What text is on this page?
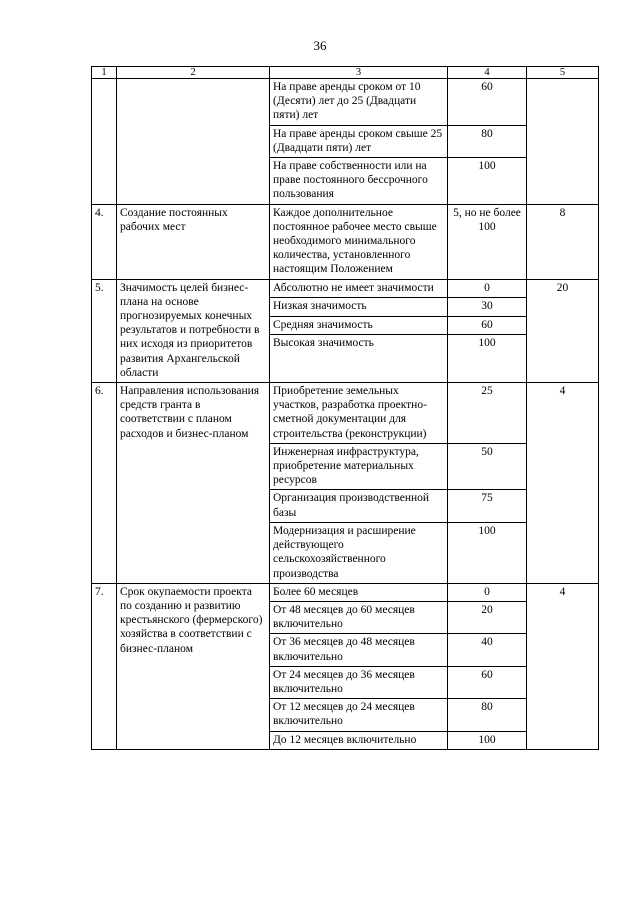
36
1	2	3	4	5
		На праве аренды сроком от 10 (Десяти) лет до 25 (Двадцати пяти) лет	60	
		На праве аренды сроком свыше 25 (Двадцати пяти) лет	80	
		На праве собственности или на праве постоянного бессрочного пользования	100	
4.	Создание постоянных рабочих мест	Каждое дополнительное постоянное рабочее место свыше необходимого минимального количества, установленного настоящим Положением	5, но не более 100	8
5.	Значимость целей бизнес-плана на основе прогнозируемых конечных результатов и потребности в них исходя из приоритетов развития Архангельской области	Абсолютно не имеет значимости	0	20
		Низкая значимость	30	
		Средняя значимость	60	
		Высокая значимость	100	
6.	Направления использования средств гранта в соответствии с планом расходов и бизнес-планом	Приобретение земельных участков, разработка проектно-сметной документации для строительства (реконструкции)	25	4
		Инженерная инфраструктура, приобретение материальных ресурсов	50	
		Организация производственной базы	75	
		Модернизация и расширение действующего сельскохозяйственного производства	100	
7.	Срок окупаемости проекта по созданию и развитию крестьянского (фермерского) хозяйства в соответствии с бизнес-планом	Более 60 месяцев	0	4
		От 48 месяцев до 60 месяцев включительно	20	
		От 36 месяцев до 48 месяцев включительно	40	
		От 24 месяцев до 36 месяцев включительно	60	
		От 12 месяцев до 24 месяцев включительно	80	
		До 12 месяцев включительно	100	
